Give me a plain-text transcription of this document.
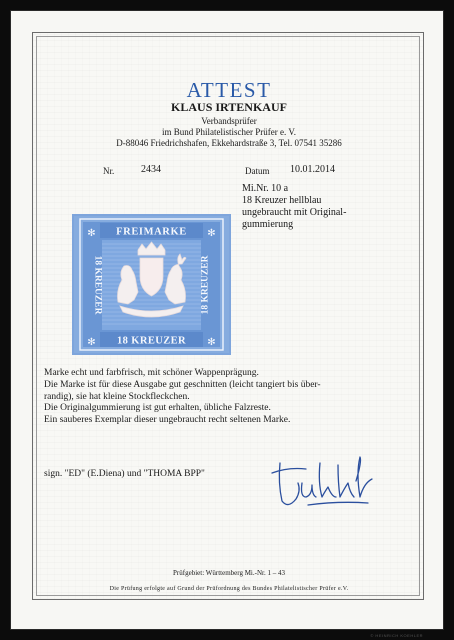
ATTEST
KLAUS IRTENKAUF
Verbandsprüfer
im Bund Philatelistischer Prüfer e. V.
D-88046 Friedrichshafen, Ekkehardstraße 3, Tel. 07541 35286
Nr.	2434	Datum 10.01.2014
FREIMARKE
18 KREUZER
18 KREUZER	18 KREUZER
✻	✻
✻	✻
Mi.Nr. 10 a
18 Kreuzer hellblau
ungebraucht mit Original-
gummierung

Marke echt und farbfrisch, mit schöner Wappenprägung.

Die Marke ist für diese Ausgabe gut geschnitten (leicht tangiert bis über-

randig), sie hat kleine Stockfleckchen.

Die Originalgummierung ist gut erhalten, übliche Falzreste.

Ein sauberes Exemplar dieser ungebraucht recht seltenen Marke.

sign. "ED" (E.Diena) und "THOMA BPP"
Prüfgebiet: Württemberg Mi.-Nr. 1 – 43
Die Prüfung erfolgte auf Grund der Prüfordnung des Bundes Philatelistischer Prüfer e.V.
© HEINRICH KOEHLER
